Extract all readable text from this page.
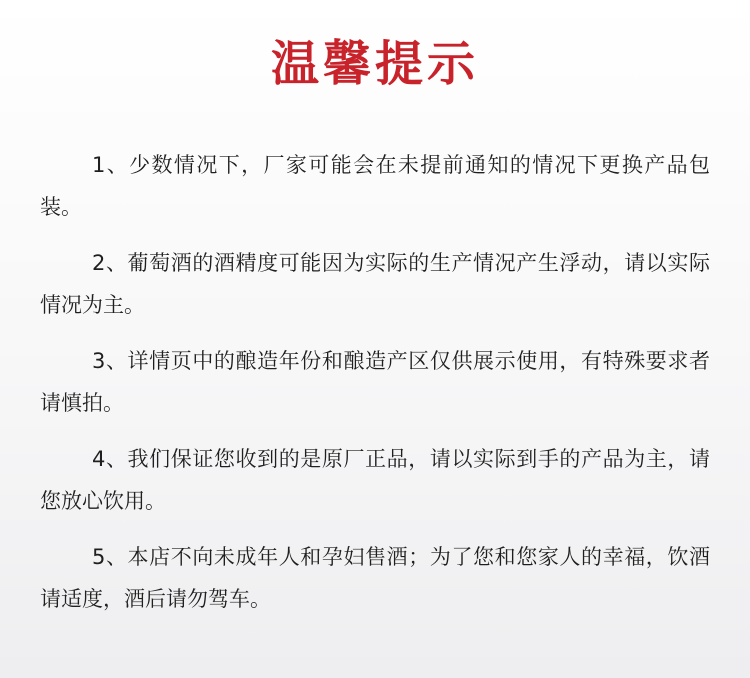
温馨提示

1、少数情况下，厂家可能会在未提前通知的情况下更换产品包装。

2、葡萄酒的酒精度可能因为实际的生产情况产生浮动，请以实际情况为主。

3、详情页中的酿造年份和酿造产区仅供展示使用，有特殊要求者请慎拍。

4、我们保证您收到的是原厂正品，请以实际到手的产品为主，请您放心饮用。

5、本店不向未成年人和孕妇售酒；为了您和您家人的幸福，饮酒请适度，酒后请勿驾车。
